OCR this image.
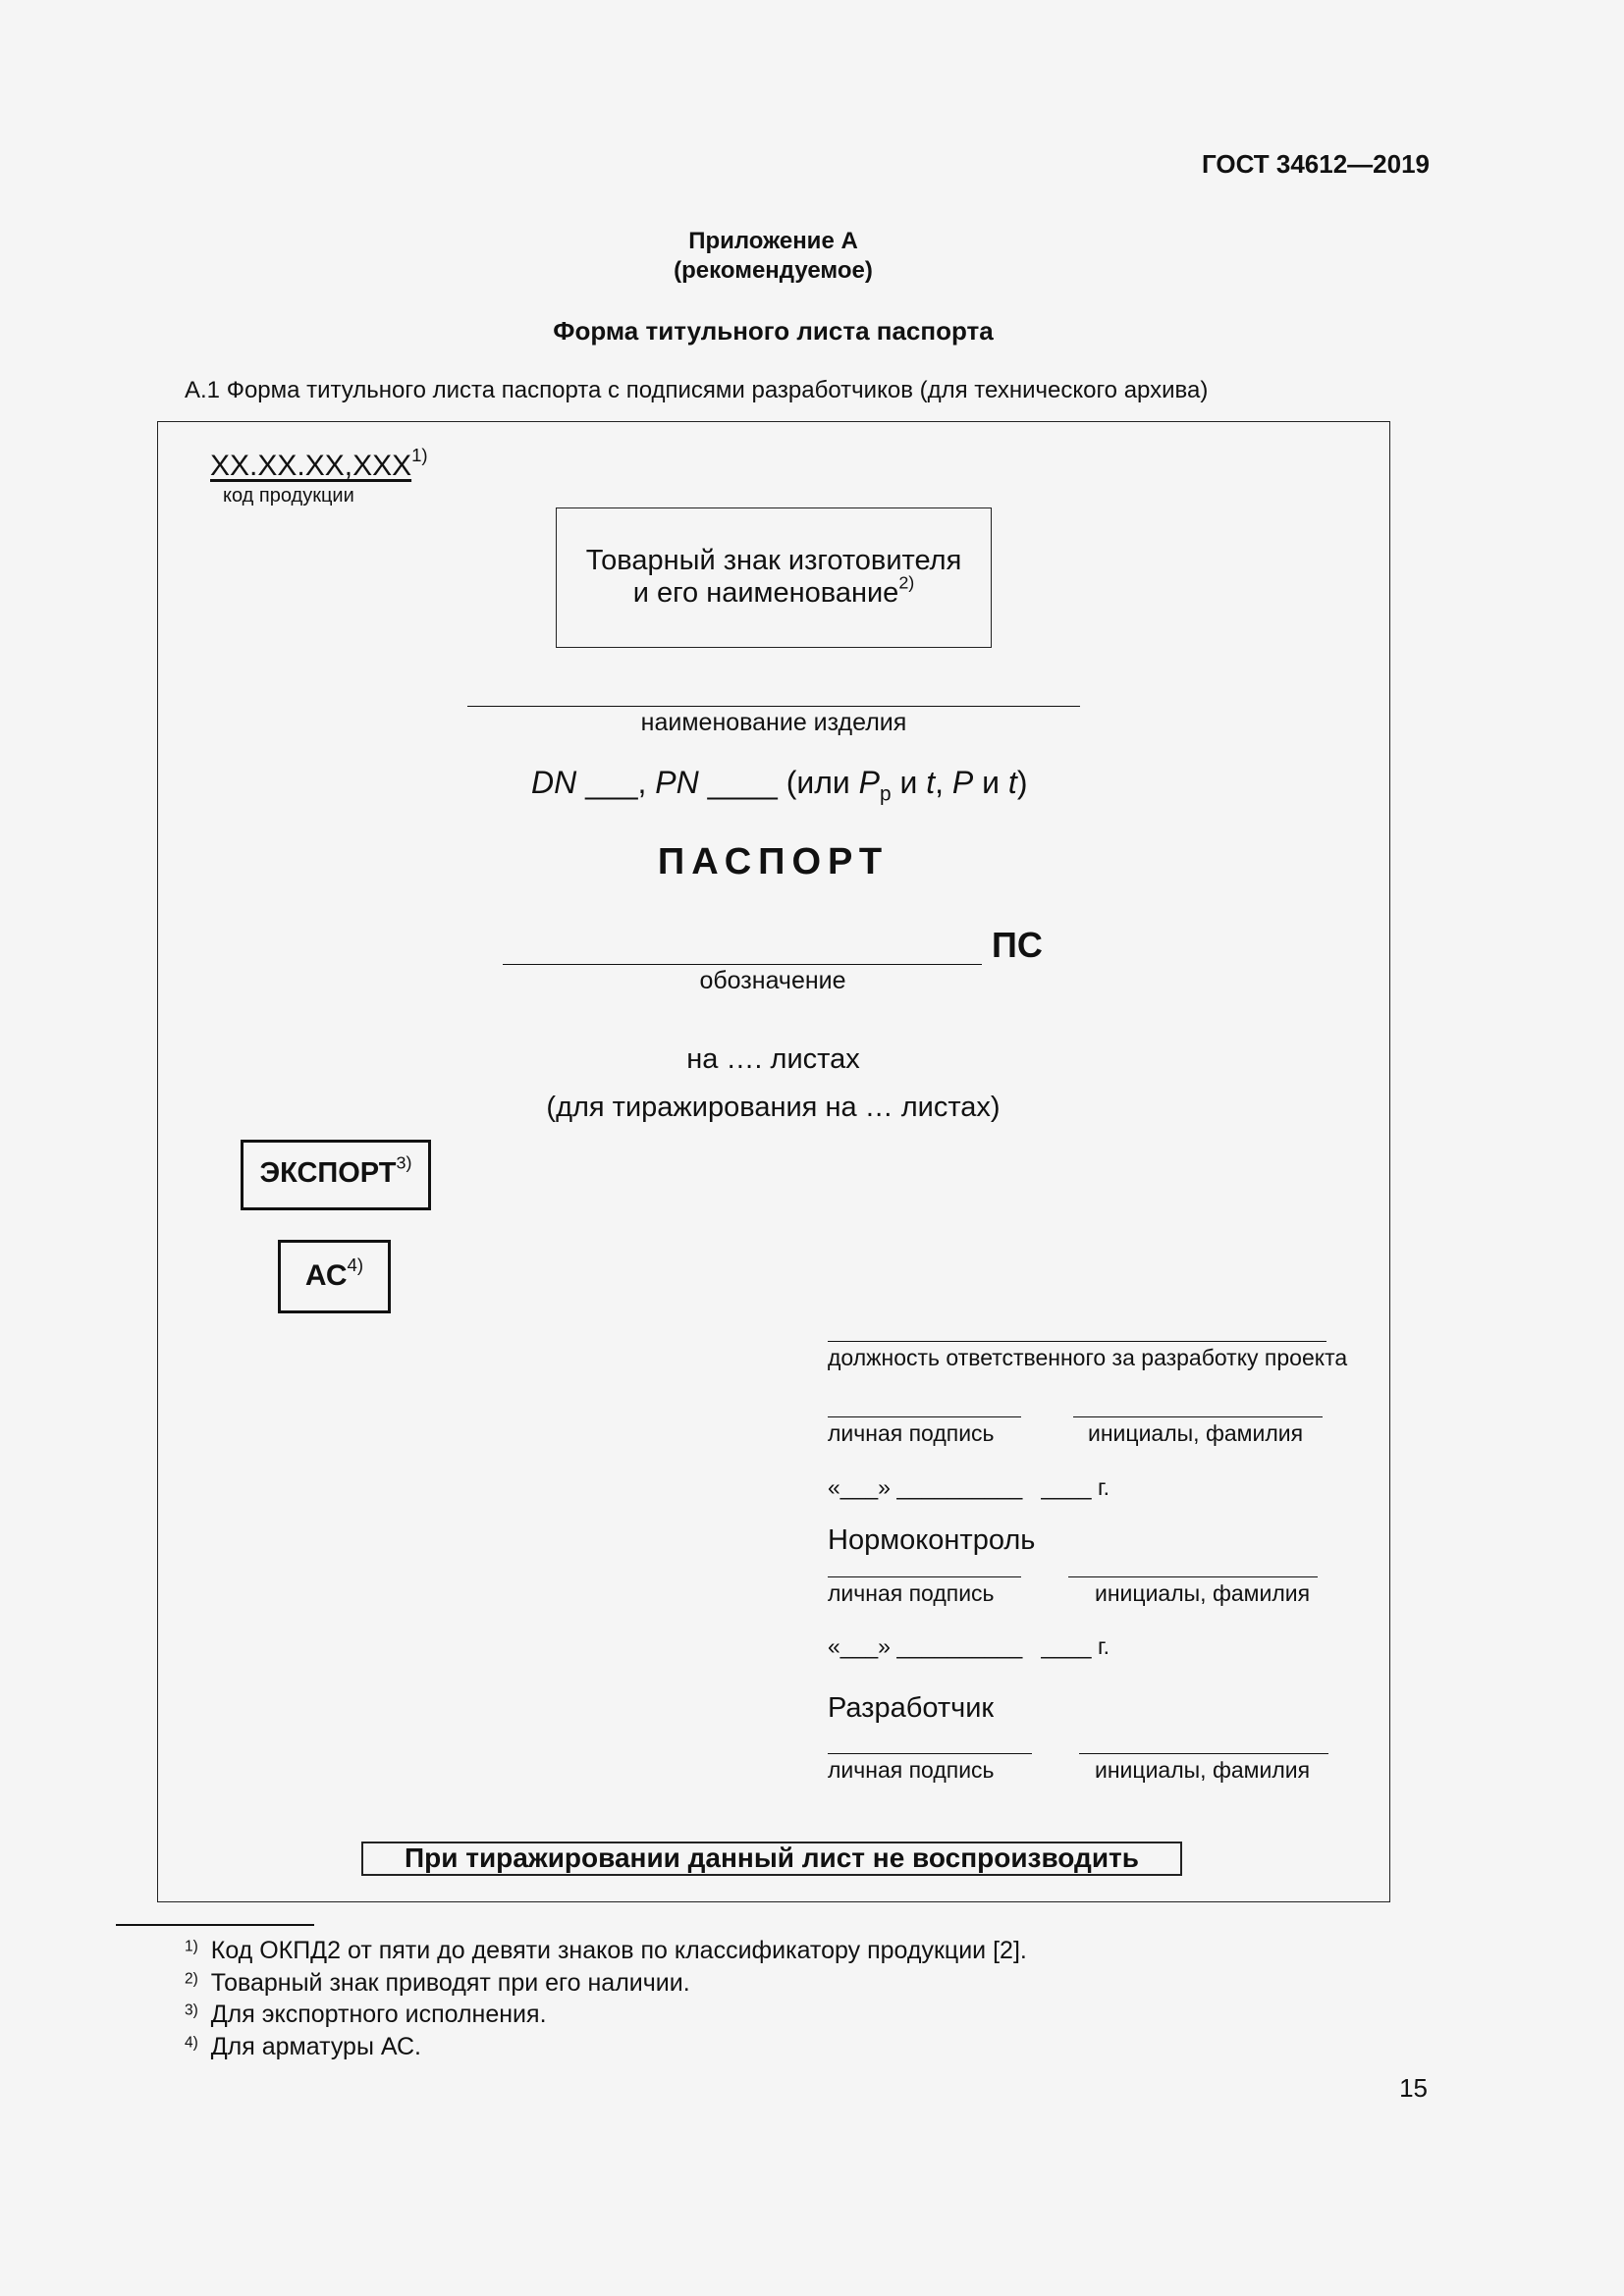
ГОСТ 34612—2019
Приложение А
(рекомендуемое)
Форма титульного листа паспорта
А.1 Форма титульного листа паспорта с подписями разработчиков (для технического архива)
ХХ.ХХ.ХХ,ХХХ$^{1)}$
код продукции
Товарный знак изготовителя
и его наименование$^{2)}$
наименование изделия
DN ___, PN ____ (или $P_р$ и t, P и t)
ПАСПОРТ
ПС
обозначение
на …. листах
(для тиражирования на … листах)
ЭКСПОРТ$^{3)}$
АС$^{4)}$
должность ответственного за разработку проекта
личная подпись	инициалы, фамилия
«___» __________   ____ г.
Нормоконтроль
личная подпись	инициалы, фамилия
«___» __________   ____ г.
Разработчик
личная подпись	инициалы, фамилия
При тиражировании данный лист не воспроизводить
$^{1)}$ Код ОКПД2 от пяти до девяти знаков по классификатору продукции [2].
$^{2)}$ Товарный знак приводят при его наличии.
$^{3)}$ Для экспортного исполнения.
$^{4)}$ Для арматуры АС.
15
